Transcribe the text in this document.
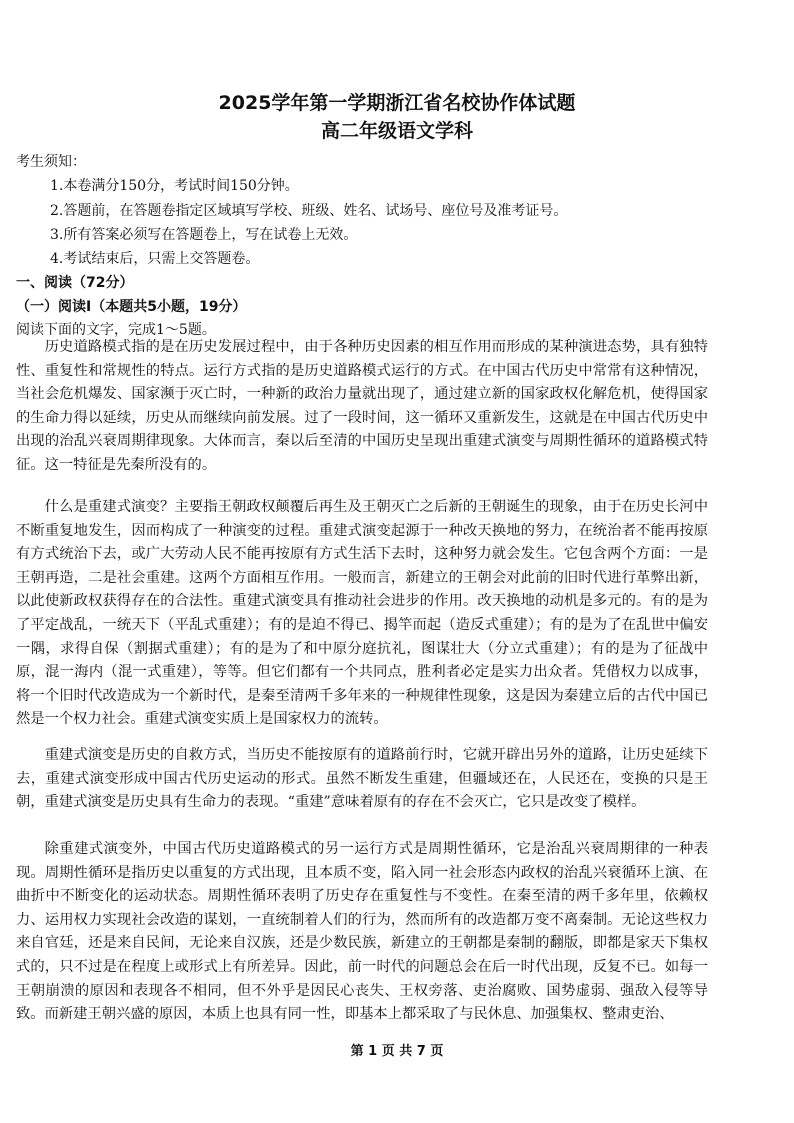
2025学年第一学期浙江省名校协作体试题
高二年级语文学科
考生须知：
1.本卷满分150分，考试时间150分钟。
2.答题前，在答题卷指定区域填写学校、班级、姓名、试场号、座位号及准考证号。
3.所有答案必须写在答题卷上，写在试卷上无效。
4.考试结束后，只需上交答题卷。
一、阅读（72分）
（一）阅读Ⅰ（本题共5小题，19分）
阅读下面的文字，完成1～5题。

历史道路模式指的是在历史发展过程中，由于各种历史因素的相互作用而形成的某种演进态势，具有独特性、重复性和常规性的特点。运行方式指的是历史道路模式运行的方式。在中国古代历史中常常有这种情况，当社会危机爆发、国家濒于灭亡时，一种新的政治力量就出现了，通过建立新的国家政权化解危机，使得国家的生命力得以延续，历史从而继续向前发展。过了一段时间，这一循环又重新发生，这就是在中国古代历史中出现的治乱兴衰周期律现象。大体而言，秦以后至清的中国历史呈现出重建式演变与周期性循环的道路模式特征。这一特征是先秦所没有的。

什么是重建式演变？主要指王朝政权颠覆后再生及王朝灭亡之后新的王朝诞生的现象，由于在历史长河中不断重复地发生，因而构成了一种演变的过程。重建式演变起源于一种改天换地的努力，在统治者不能再按原有方式统治下去，或广大劳动人民不能再按原有方式生活下去时，这种努力就会发生。它包含两个方面：一是王朝再造，二是社会重建。这两个方面相互作用。一般而言，新建立的王朝会对此前的旧时代进行革弊出新，以此使新政权获得存在的合法性。重建式演变具有推动社会进步的作用。改天换地的动机是多元的。有的是为了平定战乱，一统天下（平乱式重建）；有的是迫不得已、揭竿而起（造反式重建）；有的是为了在乱世中偏安一隅，求得自保（割据式重建）；有的是为了和中原分庭抗礼，图谋壮大（分立式重建）；有的是为了征战中原，混一海内（混一式重建），等等。但它们都有一个共同点，胜利者必定是实力出众者。凭借权力以成事，将一个旧时代改造成为一个新时代，是秦至清两千多年来的一种规律性现象，这是因为秦建立后的古代中国已然是一个权力社会。重建式演变实质上是国家权力的流转。

重建式演变是历史的自救方式，当历史不能按原有的道路前行时，它就开辟出另外的道路，让历史延续下去，重建式演变形成中国古代历史运动的形式。虽然不断发生重建，但疆域还在，人民还在，变换的只是王朝，重建式演变是历史具有生命力的表现。“重建”意味着原有的存在不会灭亡，它只是改变了模样。

除重建式演变外，中国古代历史道路模式的另一运行方式是周期性循环，它是治乱兴衰周期律的一种表现。周期性循环是指历史以重复的方式出现，且本质不变，陷入同一社会形态内政权的治乱兴衰循环上演、在曲折中不断变化的运动状态。周期性循环表明了历史存在重复性与不变性。在秦至清的两千多年里，依赖权力、运用权力实现社会改造的谋划，一直统制着人们的行为，然而所有的改造都万变不离秦制。无论这些权力来自官廷，还是来自民间，无论来自汉族，还是少数民族，新建立的王朝都是秦制的翻版，即都是家天下集权式的，只不过是在程度上或形式上有所差异。因此，前一时代的问题总会在后一时代出现，反复不已。如每一王朝崩溃的原因和表现各不相同，但不外乎是因民心丧失、王权旁落、吏治腐败、国势虚弱、强敌入侵等导致。而新建王朝兴盛的原因，本质上也具有同一性，即基本上都采取了与民休息、加强集权、整肃吏治、

第 1 页 共 7 页
